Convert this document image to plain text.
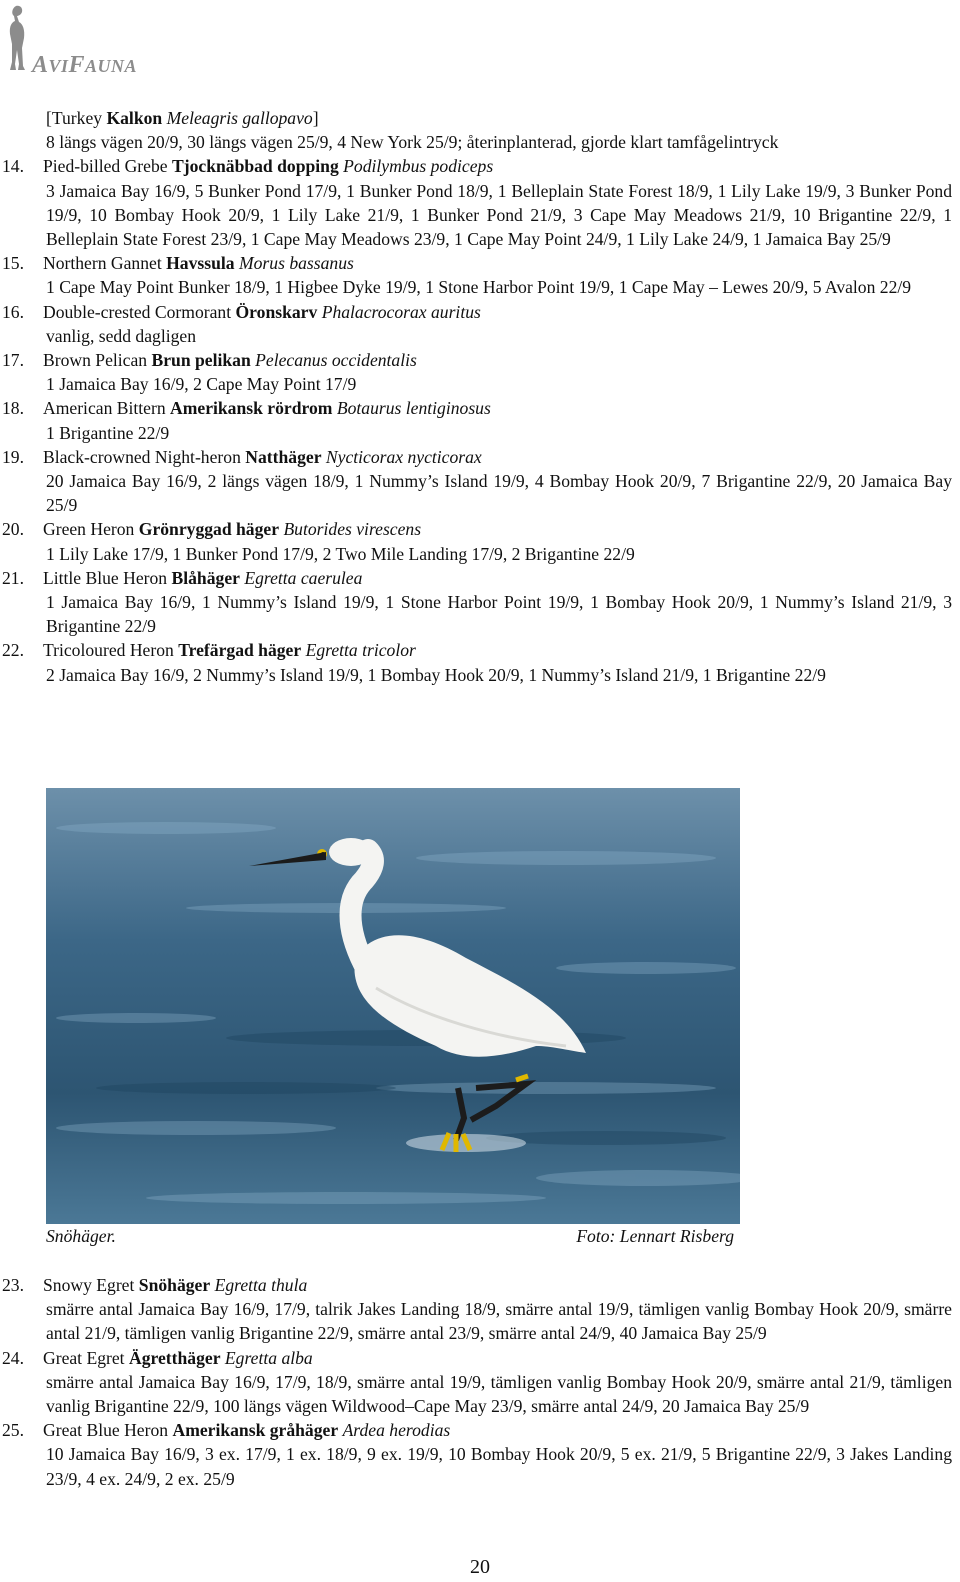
AVIFAUNA
[Turkey Kalkon Meleagris gallopavo]
8 längs vägen 20/9, 30 längs vägen 25/9, 4 New York 25/9; återinplanterad, gjorde klart tamfågelintryck
14.	Pied-billed Grebe Tjocknäbbad dopping Podilymbus podiceps
3 Jamaica Bay 16/9, 5 Bunker Pond 17/9, 1 Bunker Pond 18/9, 1 Belleplain State Forest 18/9, 1 Lily Lake 19/9, 3 Bunker Pond 19/9, 10 Bombay Hook 20/9, 1 Lily Lake 21/9, 1 Bunker Pond 21/9, 3 Cape May Meadows 21/9, 10 Brigantine 22/9, 1 Belleplain State Forest 23/9, 1 Cape May Meadows 23/9, 1 Cape May Point 24/9, 1 Lily Lake 24/9, 1 Jamaica Bay 25/9
15.	Northern Gannet Havssula Morus bassanus
1 Cape May Point Bunker 18/9, 1 Higbee Dyke 19/9, 1 Stone Harbor Point 19/9, 1 Cape May – Lewes 20/9, 5 Avalon 22/9
16.	Double-crested Cormorant Öronskarv Phalacrocorax auritus
vanlig, sedd dagligen
17.	Brown Pelican Brun pelikan Pelecanus occidentalis
1 Jamaica Bay 16/9, 2 Cape May Point 17/9
18.	American Bittern Amerikansk rördrom Botaurus lentiginosus
1 Brigantine 22/9
19.	Black-crowned Night-heron Natthäger Nycticorax nycticorax
20 Jamaica Bay 16/9, 2 längs vägen 18/9, 1 Nummy’s Island 19/9, 4 Bombay Hook 20/9, 7 Brigantine 22/9, 20 Jamaica Bay 25/9
20.	Green Heron Grönryggad häger Butorides virescens
1 Lily Lake 17/9, 1 Bunker Pond 17/9, 2 Two Mile Landing 17/9, 2 Brigantine 22/9
21.	Little Blue Heron Blåhäger Egretta caerulea
1 Jamaica Bay 16/9, 1 Nummy’s Island 19/9, 1 Stone Harbor Point 19/9, 1 Bombay Hook 20/9, 1 Nummy’s Island 21/9, 3 Brigantine 22/9
22.	Tricoloured Heron Trefärgad häger Egretta tricolor
2 Jamaica Bay 16/9, 2 Nummy’s Island 19/9, 1 Bombay Hook 20/9, 1 Nummy’s Island 21/9, 1 Brigantine 22/9
Snöhäger.	Foto: Lennart Risberg
23.	Snowy Egret Snöhäger Egretta thula
smärre antal Jamaica Bay 16/9, 17/9, talrik Jakes Landing 18/9, smärre antal 19/9, tämligen vanlig Bombay Hook 20/9, smärre antal 21/9, tämligen vanlig Brigantine 22/9, smärre antal 23/9, smärre antal 24/9, 40 Jamaica Bay 25/9
24.	Great Egret Ägretthäger Egretta alba
smärre antal Jamaica Bay 16/9, 17/9, 18/9, smärre antal 19/9, tämligen vanlig Bombay Hook 20/9, smärre antal 21/9, tämligen vanlig Brigantine 22/9, 100 längs vägen Wildwood–Cape May 23/9, smärre antal 24/9, 20 Jamaica Bay 25/9
25.	Great Blue Heron Amerikansk gråhäger Ardea herodias
10 Jamaica Bay 16/9, 3 ex. 17/9, 1 ex. 18/9, 9 ex. 19/9, 10 Bombay Hook 20/9, 5 ex. 21/9, 5 Brigantine 22/9, 3 Jakes Landing 23/9, 4 ex. 24/9, 2 ex. 25/9
20
